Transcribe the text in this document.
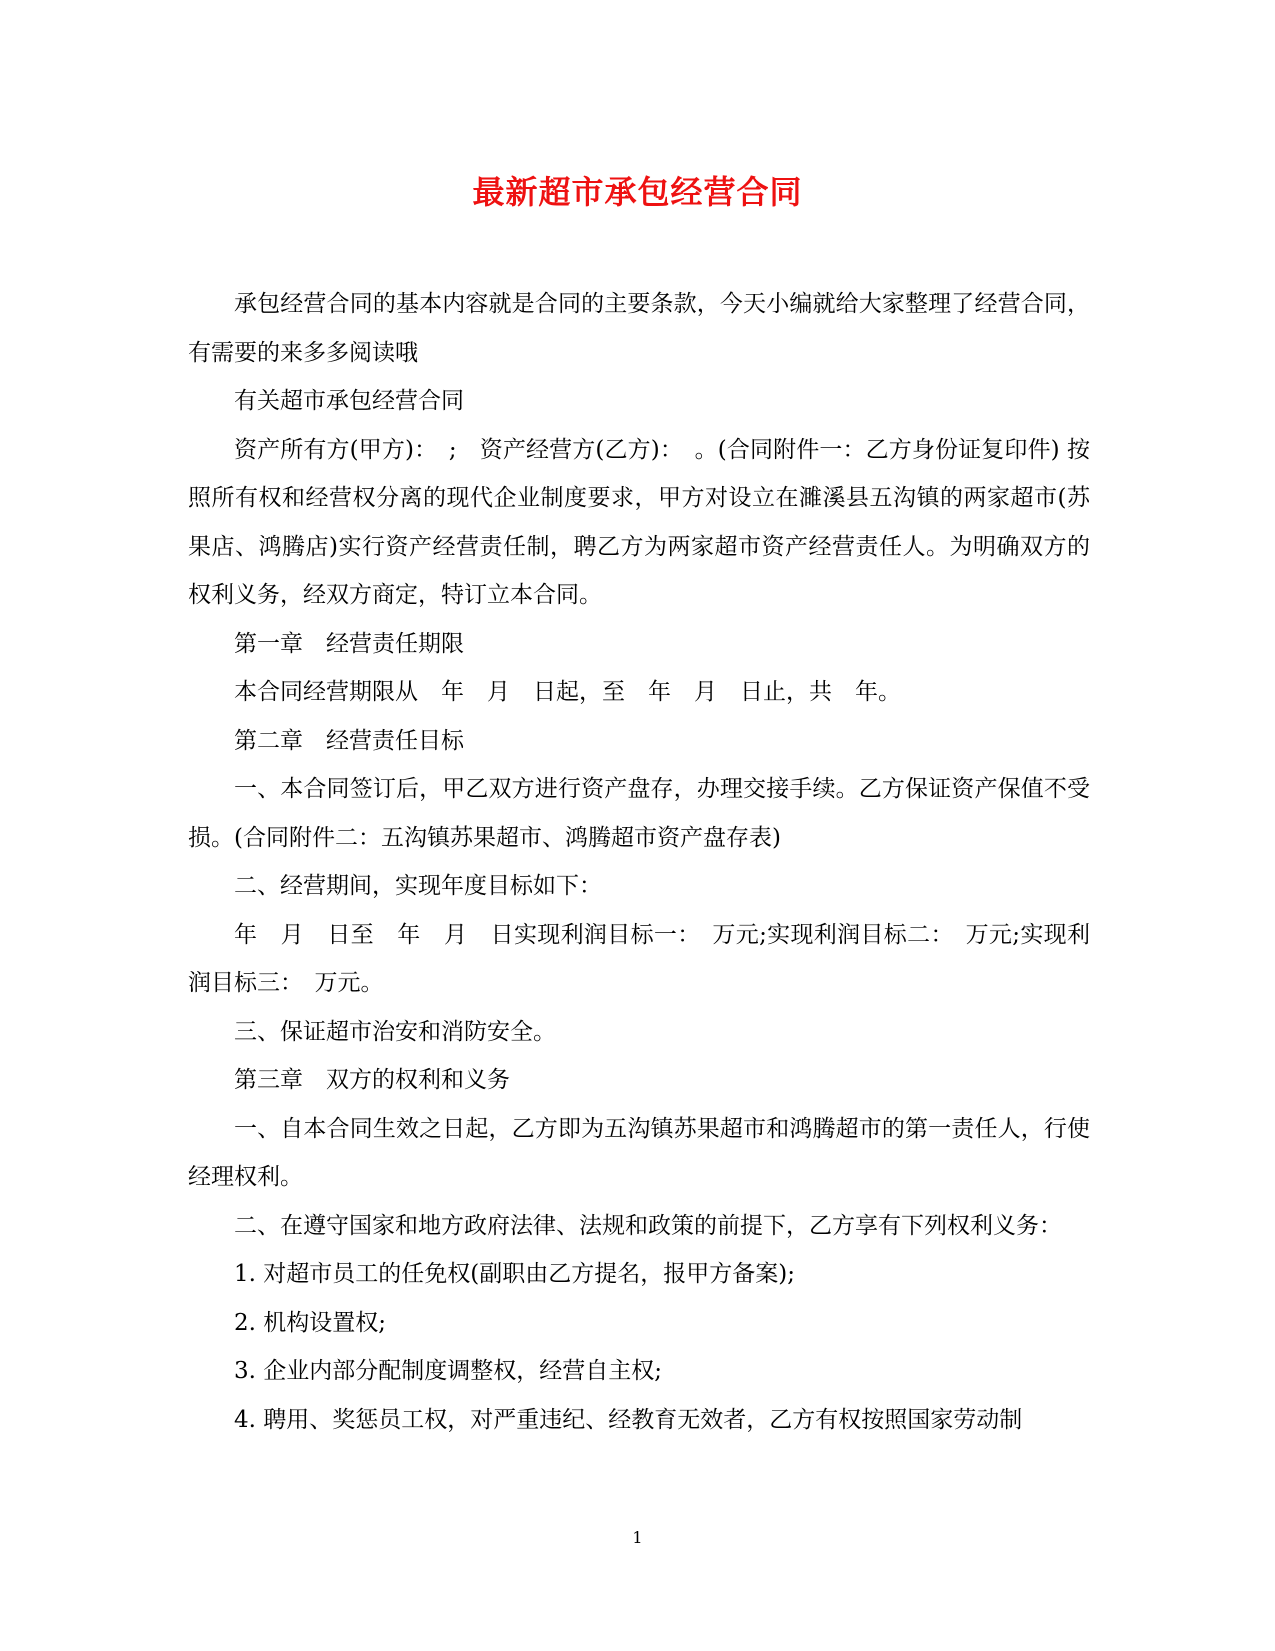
最新超市承包经营合同

承包经营合同的基本内容就是合同的主要条款，今天小编就给大家整理了经营合同，有需要的来多多阅读哦

有关超市承包经营合同

资产所有方(甲方)：　;　资产经营方(乙方)：　。(合同附件一：乙方身份证复印件) 按照所有权和经营权分离的现代企业制度要求，甲方对设立在濉溪县五沟镇的两家超市(苏果店、鸿腾店)实行资产经营责任制，聘乙方为两家超市资产经营责任人。为明确双方的权利义务，经双方商定，特订立本合同。

第一章　经营责任期限

本合同经营期限从　年　月　日起，至　年　月　日止，共　年。

第二章　经营责任目标

一、本合同签订后，甲乙双方进行资产盘存，办理交接手续。乙方保证资产保值不受损。(合同附件二：五沟镇苏果超市、鸿腾超市资产盘存表)

二、经营期间，实现年度目标如下：

年　月　日至　年　月　日实现利润目标一：　万元;实现利润目标二：　万元;实现利润目标三：　万元。

三、保证超市治安和消防安全。

第三章　双方的权利和义务

一、自本合同生效之日起，乙方即为五沟镇苏果超市和鸿腾超市的第一责任人，行使经理权利。

二、在遵守国家和地方政府法律、法规和政策的前提下，乙方享有下列权利义务：

1. 对超市员工的任免权(副职由乙方提名，报甲方备案);

2. 机构设置权;

3. 企业内部分配制度调整权，经营自主权;

4. 聘用、奖惩员工权，对严重违纪、经教育无效者，乙方有权按照国家劳动制

1
